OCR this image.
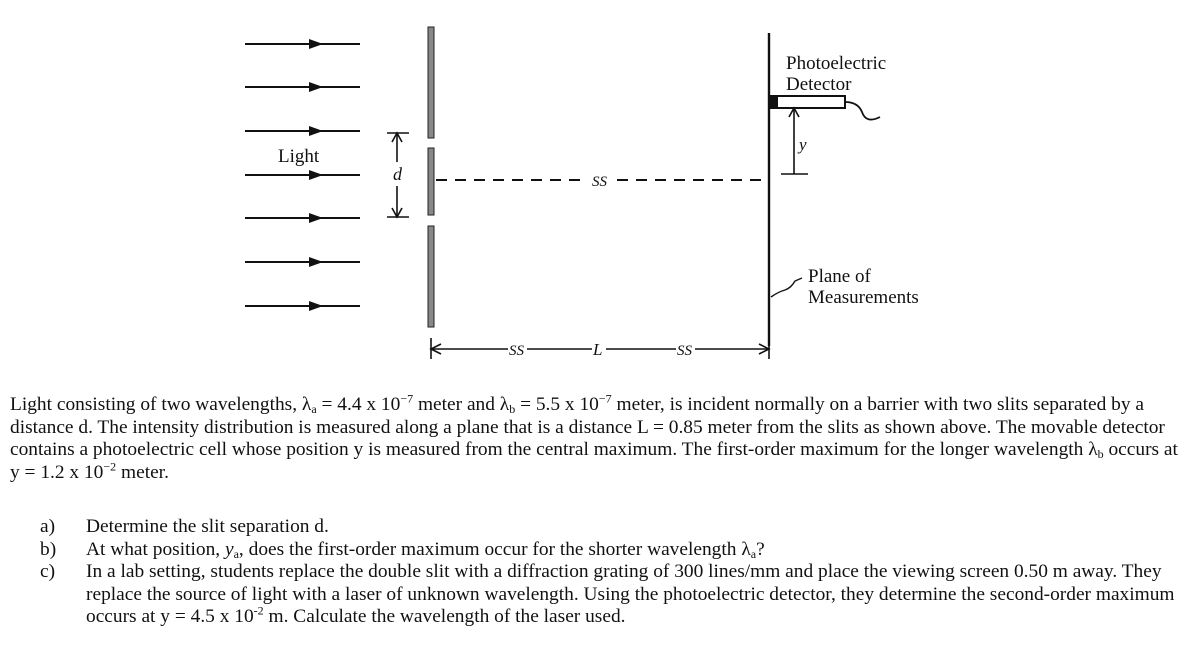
Light
d	SS
Photoelectric
Detector
y
Plane of
Measurements
SS	L	SS

Light consisting of two wavelengths, $\lambda_a = 4.4$ x $10^{-7}$ meter and $\lambda_b = 5.5$ x $10^{-7}$ meter, is incident normally on a barrier with two slits separated by a distance d. The intensity distribution is measured along a plane that is a distance L = 0.85 meter from the slits as shown above. The movable detector contains a photoelectric cell whose position y is measured from the central maximum. The first-order maximum for the longer wavelength $\lambda_b$ occurs at y = 1.2 x $10^{-2}$ meter.

a)	Determine the slit separation d.
b)	At what position, $y_a$, does the first-order maximum occur for the shorter wavelength $\lambda_a$?
c)	In a lab setting, students replace the double slit with a diffraction grating of 300 lines/mm and place the viewing screen 0.50 m away. They replace the source of light with a laser of unknown wavelength. Using the photoelectric detector, they determine the second-order maximum occurs at y = 4.5 x $10^{-2}$ m. Calculate the wavelength of the laser used.
